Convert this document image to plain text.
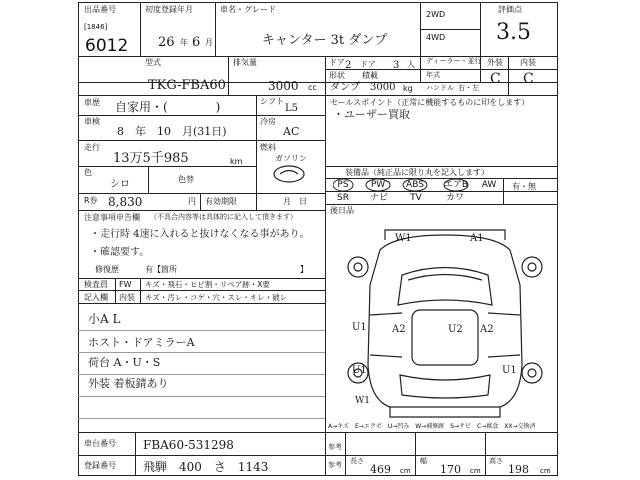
出品番号
[1846]
6012
初度登録年月
26 年 6 月
車名・グレード
キャンター 3t ダンプ
2WD
4WD
評価点
3.5
型式
TKG-FBA60
排気量
3000 cc
ドア 2 ドア 3 人
形状 積載
ダンプ 3000 kg
ディーラー・並行
年式
ハンドル 右・左
外装 内装
C C
車歴 自家用・(　　　　)
車検
8　年　10　月(31日)
走行
13万5千985	km
色
シロ	色替
シフト
L5
冷房
AC
燃料
ガソリン
R券 8,830	円 有効期限	月　日
セールスポイント（正常に機能するものに印をします）
・ユーザー買取
装備品（純正品に限り丸を記入します）
PS	PW	ABS	エアB	AW
SR	ナビ	TV	カワ
有・無
後日品
注意事項申告欄 （不具合内容等は具体的に記入して頂きます）
・走行時 4速に入れると抜けなくなる事があり。
・確認要す。
修復歴	有【箇所	】
検査員
記入欄
FW
内装
キズ・飛石・ヒビ割・リペア跡・X要
キズ・汚レ・コゲ・穴・スレ・キレ・破レ
小A L
ホスト・ドアミラーA
荷台 A・U・S
外装 着板錆あり
W1	A1
U1	A2	U2 A2
U1	U1
W1
A→キズ　E→エクボ　U→凹み　W→補修跡　S→サビ　C→腐食　XX→交換済
車台番号 FBA60-531298
登録番号 飛騨　400　さ　1143
参考
参考 長さ
469 cm
幅
170 cm
高さ
198 cm
